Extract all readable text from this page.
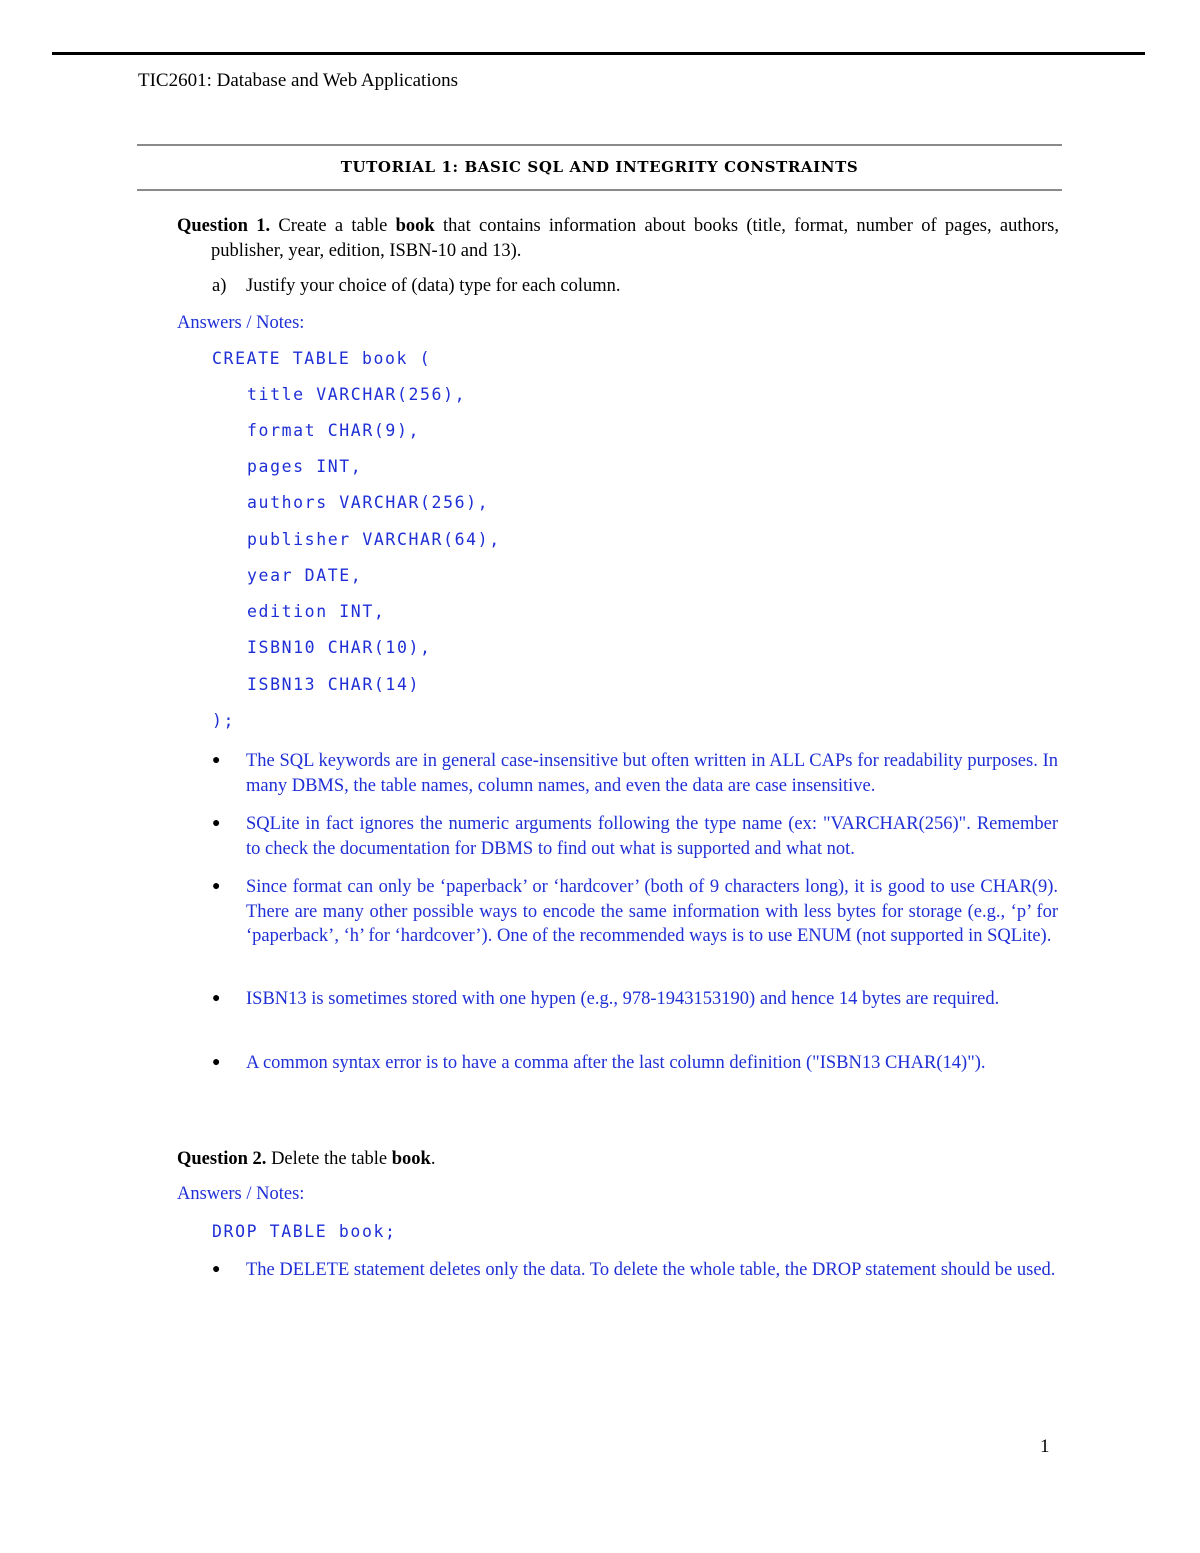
TIC2601: Database and Web Applications
TUTORIAL 1: BASIC SQL AND INTEGRITY CONSTRAINTS
Question 1. Create a table book that contains information about books (title, format, number of pages, authors, publisher, year, edition, ISBN-10 and 13).
a) Justify your choice of (data) type for each column.
Answers / Notes:
CREATE TABLE book (
title VARCHAR(256),
format CHAR(9),
pages INT,
authors VARCHAR(256),
publisher VARCHAR(64),
year DATE,
edition INT,
ISBN10 CHAR(10),
ISBN13 CHAR(14)
);
● The SQL keywords are in general case-insensitive but often written in ALL CAPs for readability purposes. In many DBMS, the table names, column names, and even the data are case insensitive.
● SQLite in fact ignores the numeric arguments following the type name (ex: "VARCHAR(256)". Remember to check the documentation for DBMS to find out what is supported and what not.
● Since format can only be ‘paperback’ or ‘hardcover’ (both of 9 characters long), it is good to use CHAR(9). There are many other possible ways to encode the same information with less bytes for storage (e.g., ‘p’ for ‘paperback’, ‘h’ for ‘hardcover’). One of the recommended ways is to use ENUM (not supported in SQLite).
● ISBN13 is sometimes stored with one hypen (e.g., 978-1943153190) and hence 14 bytes are required.
● A common syntax error is to have a comma after the last column definition ("ISBN13 CHAR(14)").
Question 2. Delete the table book.
Answers / Notes:
DROP TABLE book;
● The DELETE statement deletes only the data. To delete the whole table, the DROP statement should be used.
1
